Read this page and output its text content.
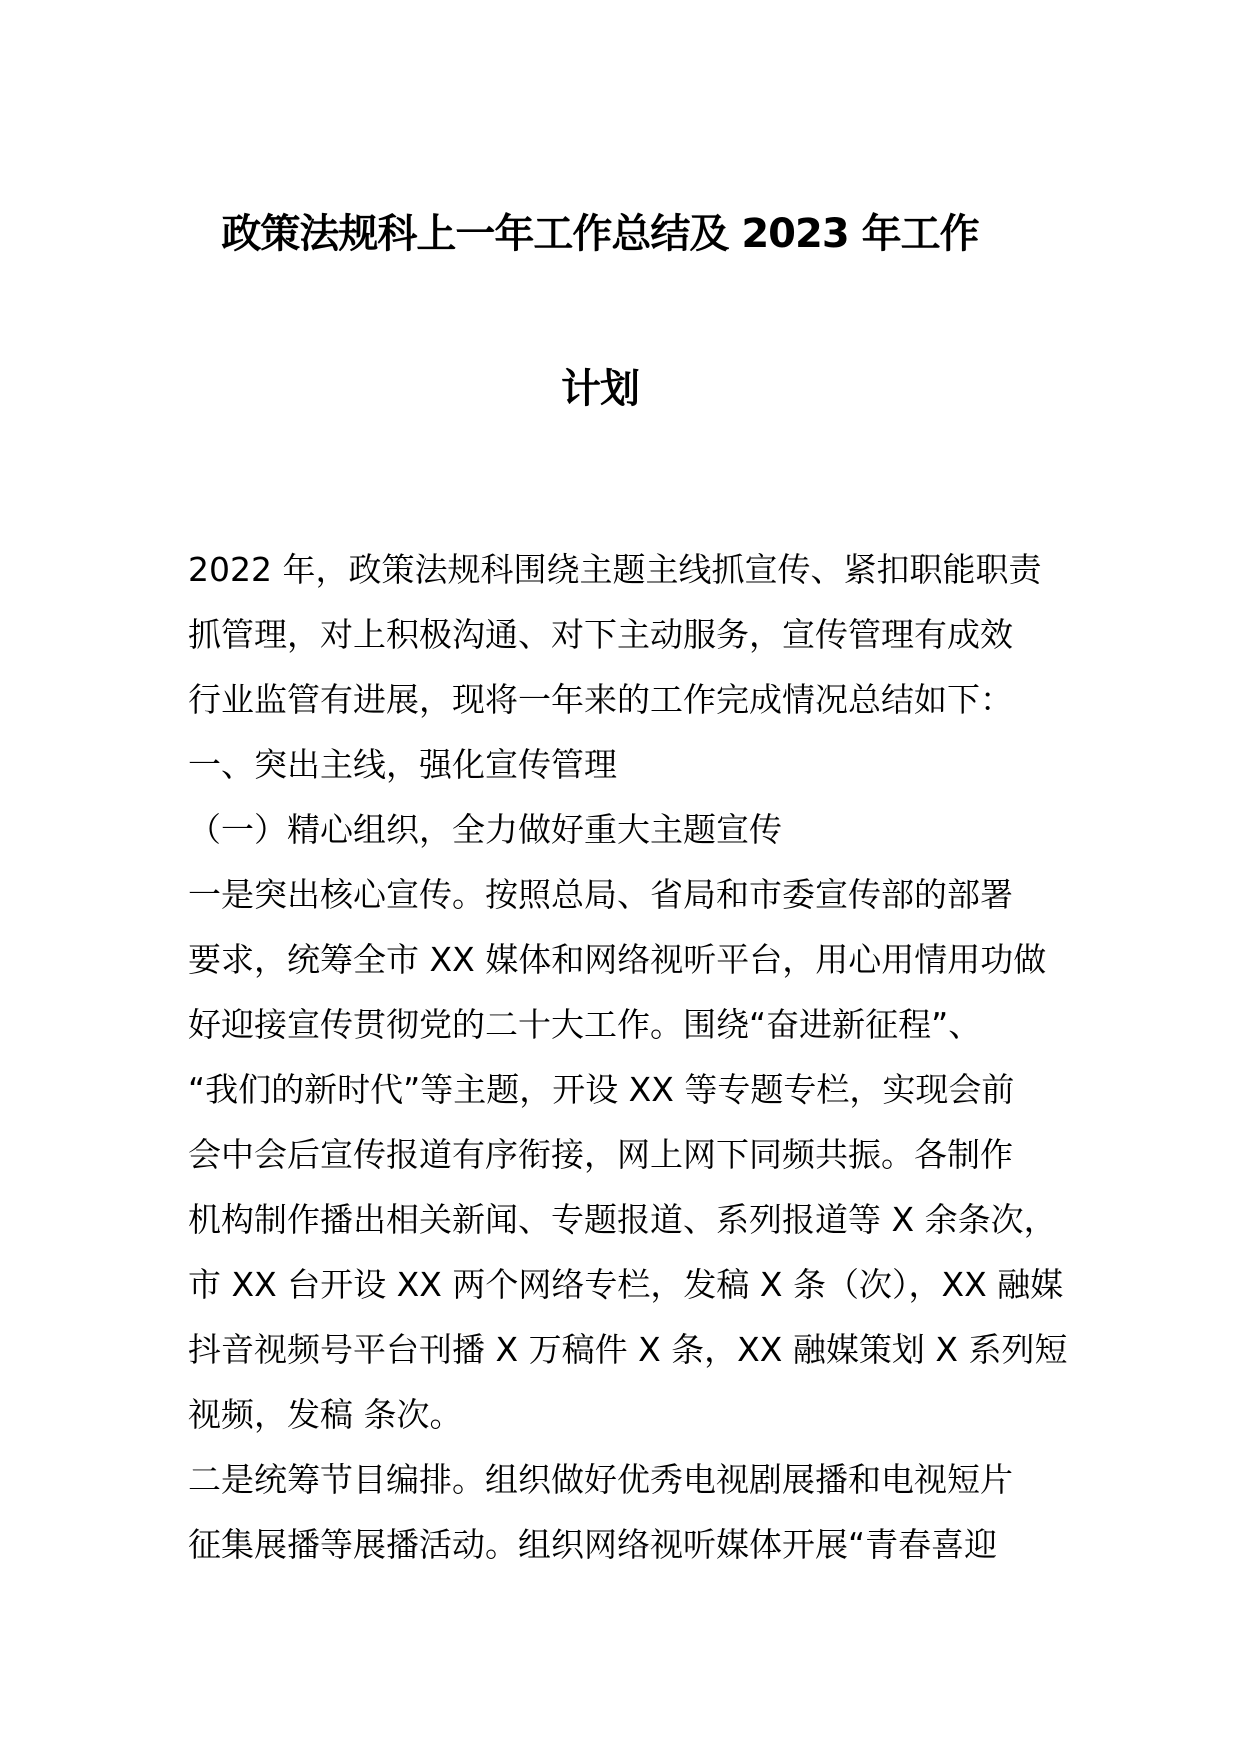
政策法规科上一年工作总结及 2023 年工作
计划
2022 年，政策法规科围绕主题主线抓宣传、紧扣职能职责
抓管理，对上积极沟通、对下主动服务，宣传管理有成效
行业监管有进展，现将一年来的工作完成情况总结如下：
一、突出主线，强化宣传管理
（一）精心组织，全力做好重大主题宣传
一是突出核心宣传。按照总局、省局和市委宣传部的部署
要求，统筹全市 XX 媒体和网络视听平台，用心用情用功做
好迎接宣传贯彻党的二十大工作。围绕“奋进新征程”、
“我们的新时代”等主题，开设 XX 等专题专栏，实现会前
会中会后宣传报道有序衔接，网上网下同频共振。各制作
机构制作播出相关新闻、专题报道、系列报道等 X 余条次，
市 XX 台开设 XX 两个网络专栏，发稿 X 条（次），XX 融媒
抖音视频号平台刊播 X 万稿件 X 条，XX 融媒策划 X 系列短
视频，发稿 条次。
二是统筹节目编排。组织做好优秀电视剧展播和电视短片
征集展播等展播活动。组织网络视听媒体开展“青春喜迎
